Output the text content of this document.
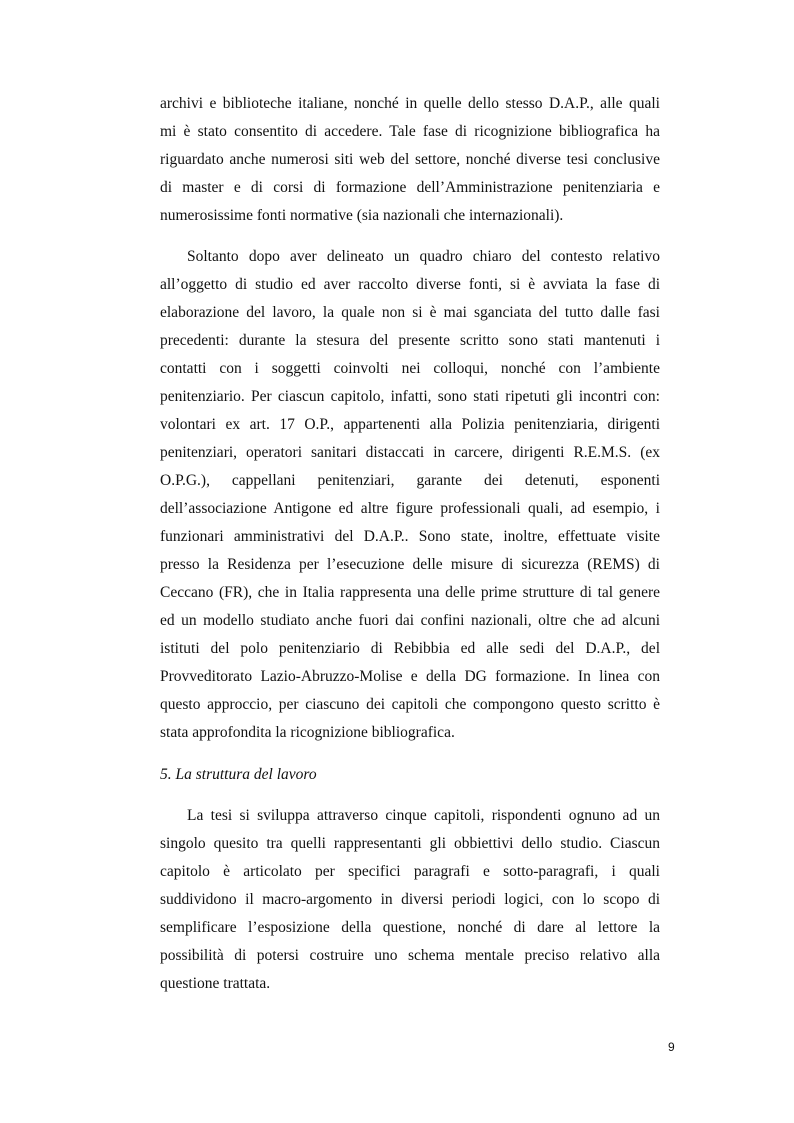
archivi e biblioteche italiane, nonché in quelle dello stesso D.A.P., alle quali
mi è stato consentito di accedere. Tale fase di ricognizione bibliografica ha
riguardato anche numerosi siti web del settore, nonché diverse tesi conclusive
di master e di corsi di formazione dell’Amministrazione penitenziaria e
numerosissime fonti normative (sia nazionali che internazionali).
Soltanto dopo aver delineato un quadro chiaro del contesto relativo
all’oggetto di studio ed aver raccolto diverse fonti, si è avviata la fase di
elaborazione del lavoro, la quale non si è mai sganciata del tutto dalle fasi
precedenti: durante la stesura del presente scritto sono stati mantenuti i
contatti con i soggetti coinvolti nei colloqui, nonché con l’ambiente
penitenziario. Per ciascun capitolo, infatti, sono stati ripetuti gli incontri con:
volontari ex art. 17 O.P., appartenenti alla Polizia penitenziaria, dirigenti
penitenziari, operatori sanitari distaccati in carcere, dirigenti R.E.M.S. (ex
O.P.G.), cappellani penitenziari, garante dei detenuti, esponenti
dell’associazione Antigone ed altre figure professionali quali, ad esempio, i
funzionari amministrativi del D.A.P.. Sono state, inoltre, effettuate visite
presso la Residenza per l’esecuzione delle misure di sicurezza (REMS) di
Ceccano (FR), che in Italia rappresenta una delle prime strutture di tal genere
ed un modello studiato anche fuori dai confini nazionali, oltre che ad alcuni
istituti del polo penitenziario di Rebibbia ed alle sedi del D.A.P., del
Provveditorato Lazio-Abruzzo-Molise e della DG formazione. In linea con
questo approccio, per ciascuno dei capitoli che compongono questo scritto è
stata approfondita la ricognizione bibliografica.
5. La struttura del lavoro
La tesi si sviluppa attraverso cinque capitoli, rispondenti ognuno ad un
singolo quesito tra quelli rappresentanti gli obbiettivi dello studio. Ciascun
capitolo è articolato per specifici paragrafi e sotto-paragrafi, i quali
suddividono il macro-argomento in diversi periodi logici, con lo scopo di
semplificare l’esposizione della questione, nonché di dare al lettore la
possibilità di potersi costruire uno schema mentale preciso relativo alla
questione trattata.
9
